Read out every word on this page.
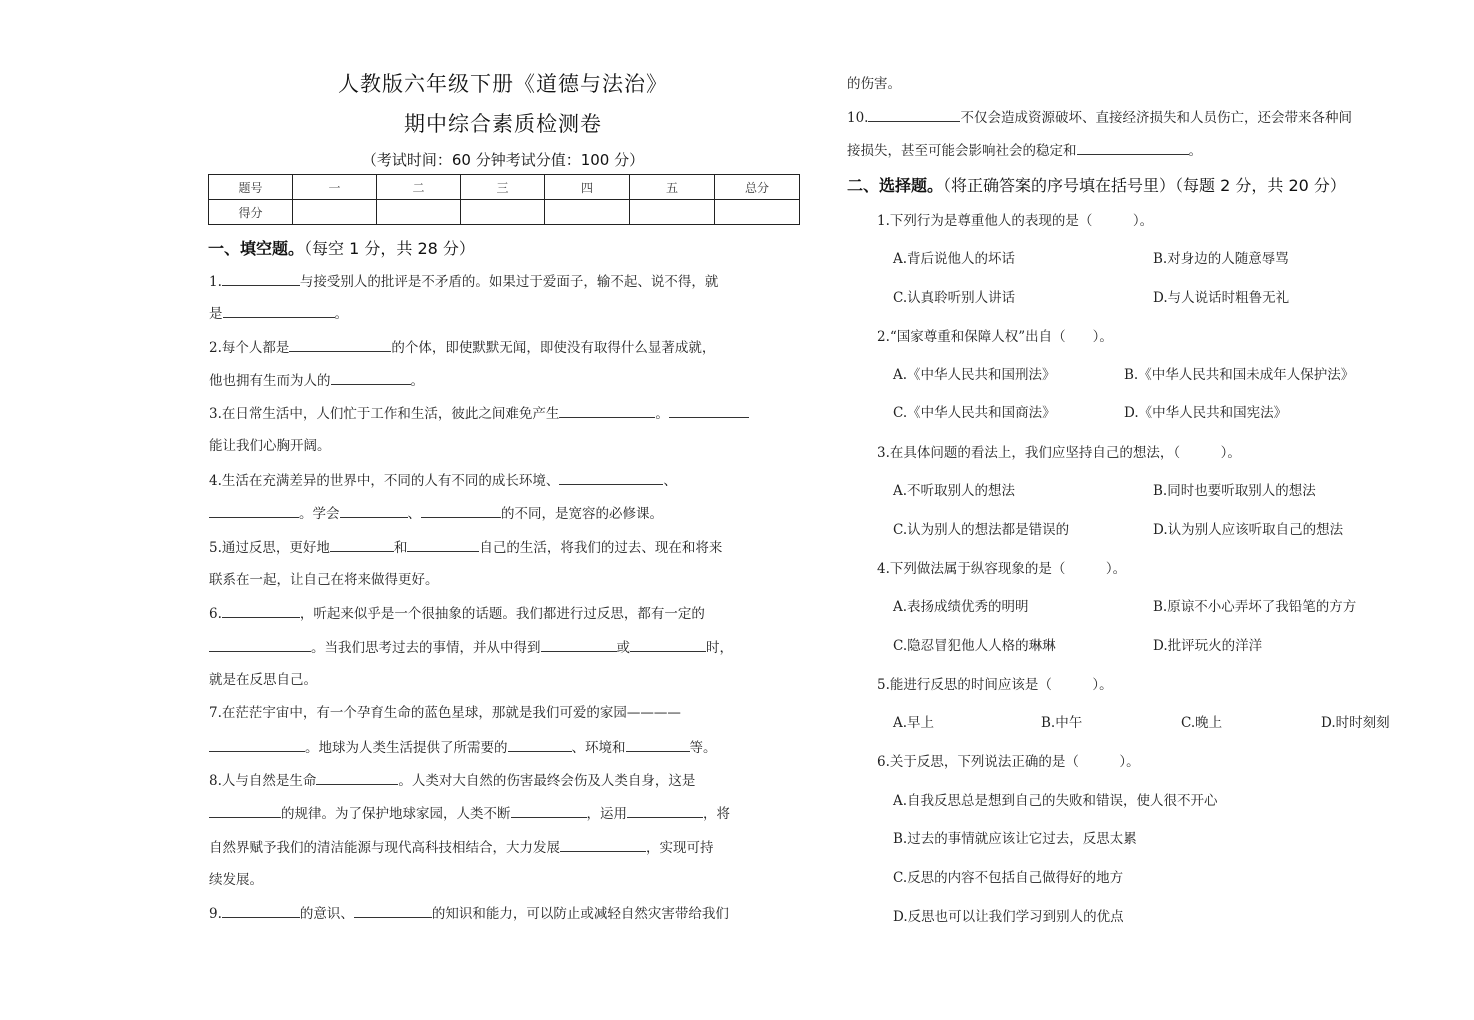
人教版六年级下册《道德与法治》
期中综合素质检测卷
（考试时间：60 分钟考试分值：100 分）
题号	一	二	三	四	五	总分
得分						
一、填空题。（每空 1 分，共 28 分）
1.	与接受别人的批评是不矛盾的。如果过于爱面子，输不起、说不得，就
是	。
2.每个人都是	的个体，即使默默无闻，即使没有取得什么显著成就，
他也拥有生而为人的	。
3.在日常生活中，人们忙于工作和生活，彼此之间难免产生	。
能让我们心胸开阔。
4.生活在充满差异的世界中，不同的人有不同的成长环境、	、
。学会	、	的不同，是宽容的必修课。
5.通过反思，更好地	和	自己的生活，将我们的过去、现在和将来
联系在一起，让自己在将来做得更好。
6.	，听起来似乎是一个很抽象的话题。我们都进行过反思，都有一定的
。当我们思考过去的事情，并从中得到	或	时，
就是在反思自己。
7.在茫茫宇宙中，有一个孕育生命的蓝色星球，那就是我们可爱的家园————
。地球为人类生活提供了所需要的	、环境和	等。
8.人与自然是生命	。人类对大自然的伤害最终会伤及人类自身，这是
的规律。为了保护地球家园，人类不断	，运用	，将
自然界赋予我们的清洁能源与现代高科技相结合，大力发展	，实现可持
续发展。
9.	的意识、	的知识和能力，可以防止或减轻自然灾害带给我们
的伤害。
10.	不仅会造成资源破坏、直接经济损失和人员伤亡，还会带来各种间
接损失，甚至可能会影响社会的稳定和	。
二、选择题。（将正确答案的序号填在括号里）（每题 2 分，共 20 分）
1.下列行为是尊重他人的表现的是（　　　）。
A.背后说他人的坏话	B.对身边的人随意辱骂
C.认真聆听别人讲话	D.与人说话时粗鲁无礼
2.“国家尊重和保障人权”出自（　　）。
A.《中华人民共和国刑法》	B.《中华人民共和国未成年人保护法》
C.《中华人民共和国商法》	D.《中华人民共和国宪法》
3.在具体问题的看法上，我们应坚持自己的想法，（　　　）。
A.不听取别人的想法	B.同时也要听取别人的想法
C.认为别人的想法都是错误的	D.认为别人应该听取自己的想法
4.下列做法属于纵容现象的是（　　　）。
A.表扬成绩优秀的明明	B.原谅不小心弄坏了我铅笔的方方
C.隐忍冒犯他人人格的琳琳	D.批评玩火的洋洋
5.能进行反思的时间应该是（　　　）。
A.早上	B.中午	C.晚上	D.时时刻刻
6.关于反思，下列说法正确的是（　　　）。
A.自我反思总是想到自己的失败和错误，使人很不开心
B.过去的事情就应该让它过去，反思太累
C.反思的内容不包括自己做得好的地方
D.反思也可以让我们学习到别人的优点
